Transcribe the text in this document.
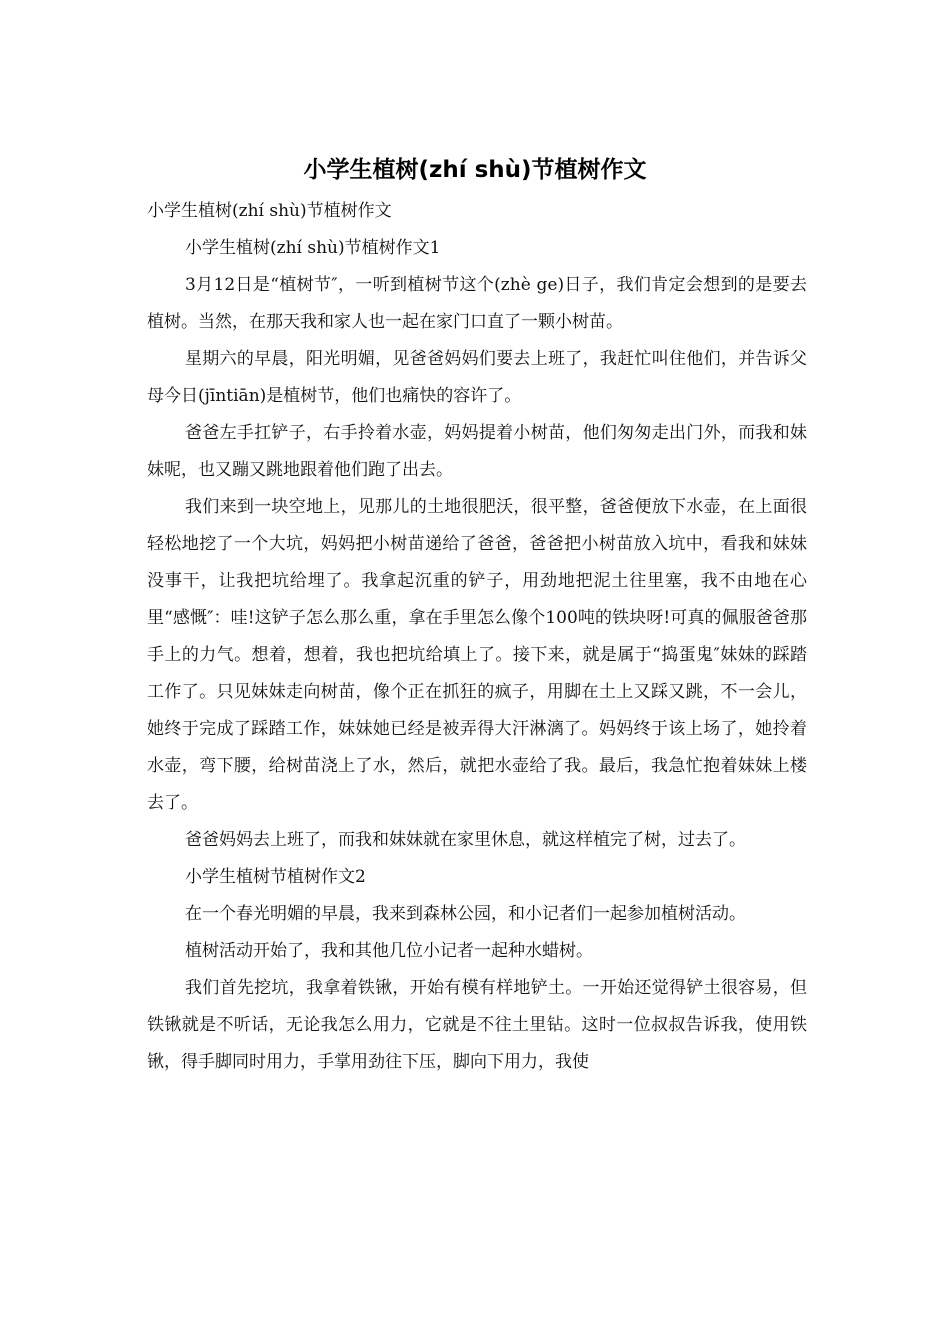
小学生植树(zhí shù)节植树作文

小学生植树(zhí shù)节植树作文

小学生植树(zhí shù)节植树作文1

3月12日是“植树节″，一听到植树节这个(zhè ge)日子，我们肯定会想到的是要去植树。当然，在那天我和家人也一起在家门口直了一颗小树苗。

星期六的早晨，阳光明媚，见爸爸妈妈们要去上班了，我赶忙叫住他们，并告诉父母今日(jīntiān)是植树节，他们也痛快的容许了。

爸爸左手扛铲子，右手拎着水壶，妈妈提着小树苗，他们匆匆走出门外，而我和妹妹呢，也又蹦又跳地跟着他们跑了出去。

我们来到一块空地上，见那儿的土地很肥沃，很平整，爸爸便放下水壶，在上面很轻松地挖了一个大坑，妈妈把小树苗递给了爸爸，爸爸把小树苗放入坑中，看我和妹妹没事干，让我把坑给埋了。我拿起沉重的铲子，用劲地把泥土往里塞，我不由地在心里“感慨″：哇!这铲子怎么那么重，拿在手里怎么像个100吨的铁块呀!可真的佩服爸爸那手上的力气。想着，想着，我也把坑给填上了。接下来，就是属于“捣蛋鬼″妹妹的踩踏工作了。只见妹妹走向树苗，像个正在抓狂的疯子，用脚在土上又踩又跳，不一会儿，她终于完成了踩踏工作，妹妹她已经是被弄得大汗淋漓了。妈妈终于该上场了，她拎着水壶，弯下腰，给树苗浇上了水，然后，就把水壶给了我。最后，我急忙抱着妹妹上楼去了。

爸爸妈妈去上班了，而我和妹妹就在家里休息，就这样植完了树，过去了。

小学生植树节植树作文2

在一个春光明媚的早晨，我来到森林公园，和小记者们一起参加植树活动。

植树活动开始了，我和其他几位小记者一起种水蜡树。

我们首先挖坑，我拿着铁锹，开始有模有样地铲土。一开始还觉得铲土很容易，但铁锹就是不听话，无论我怎么用力，它就是不往土里钻。这时一位叔叔告诉我，使用铁锹，得手脚同时用力，手掌用劲往下压，脚向下用力，我使
